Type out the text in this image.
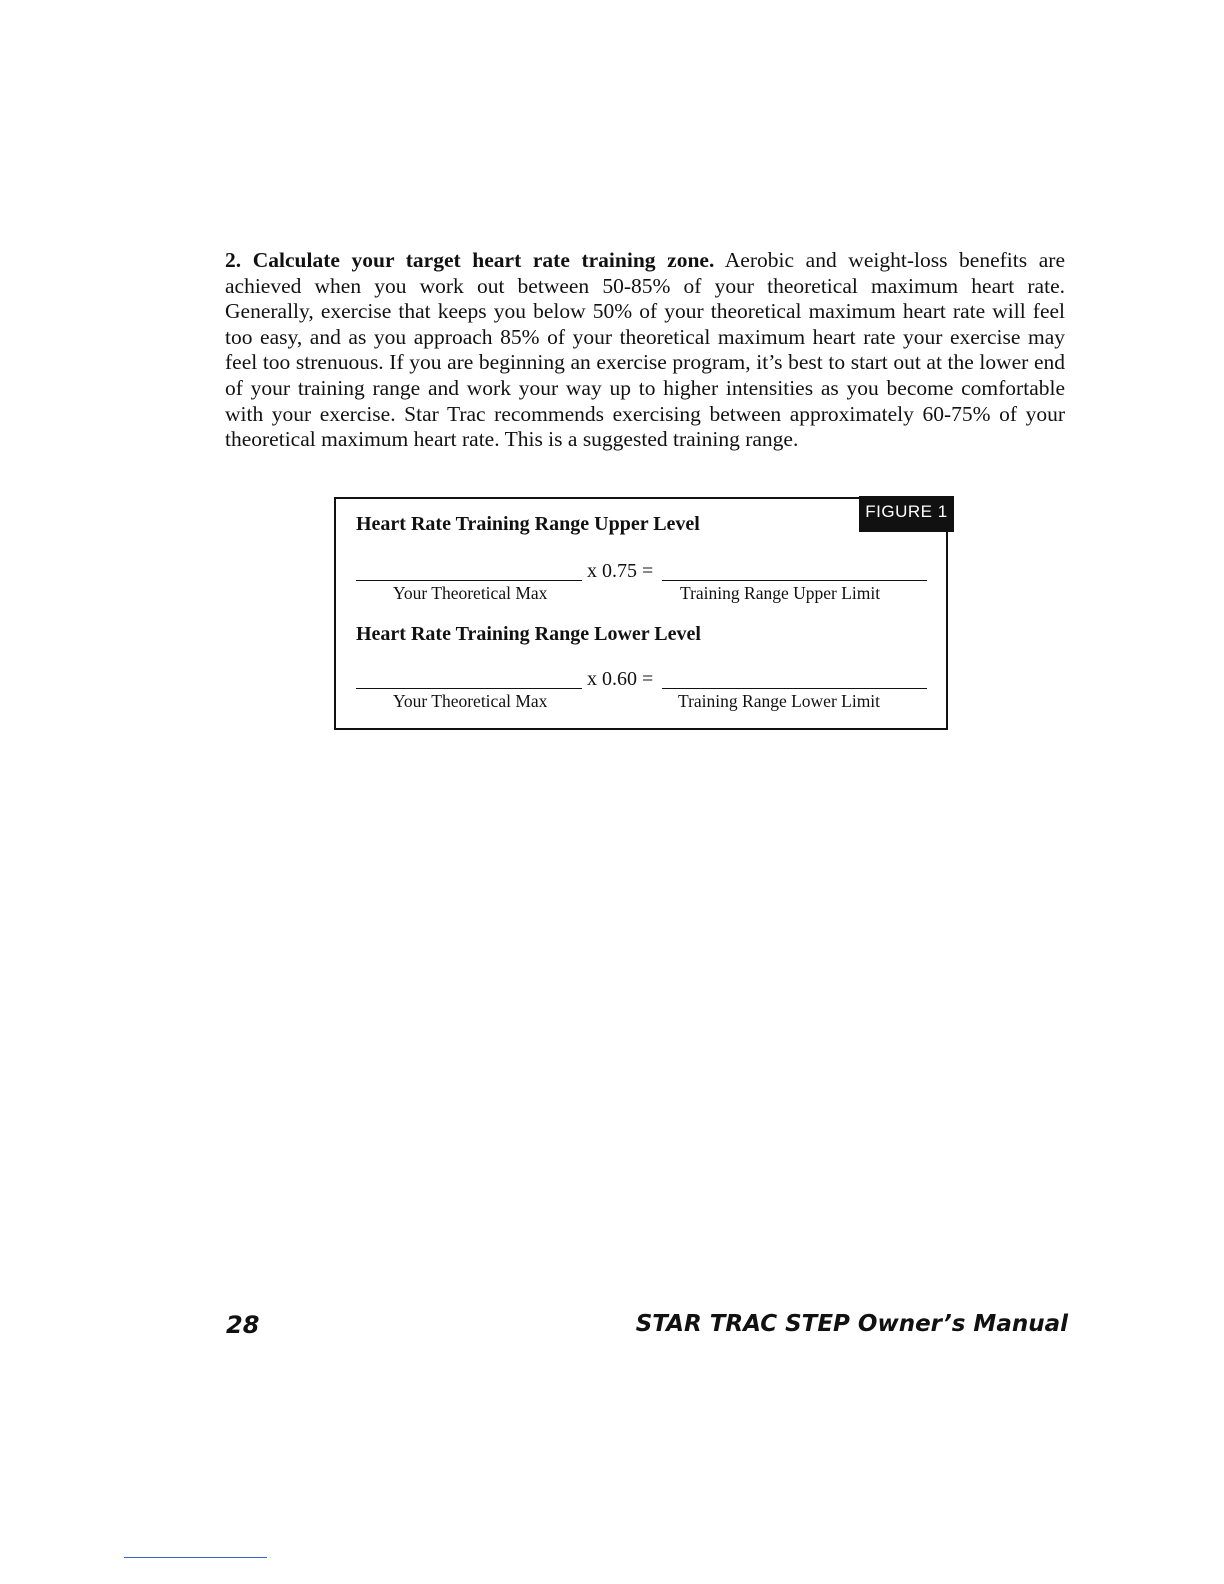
2. Calculate your target heart rate training zone. Aerobic and weight-loss benefits are achieved when you work out between 50-85% of your theoretical maximum heart rate. Generally, exercise that keeps you below 50% of your theoretical maximum heart rate will feel too easy, and as you approach 85% of your theoretical maximum heart rate your exercise may feel too strenuous. If you are beginning an exercise program, it’s best to start out at the lower end of your training range and work your way up to higher intensities as you become comfortable with your exercise. Star Trac recommends exercising between approximately 60-75% of your theoretical maximum heart rate. This is a suggested training range.

FIGURE 1
Heart Rate Training Range Upper Level
x 0.75 =
Your Theoretical Max	Training Range Upper Limit
Heart Rate Training Range Lower Level
x 0.60 =
Your Theoretical Max	Training Range Lower Limit
28	STAR TRAC STEP Owner’s Manual
